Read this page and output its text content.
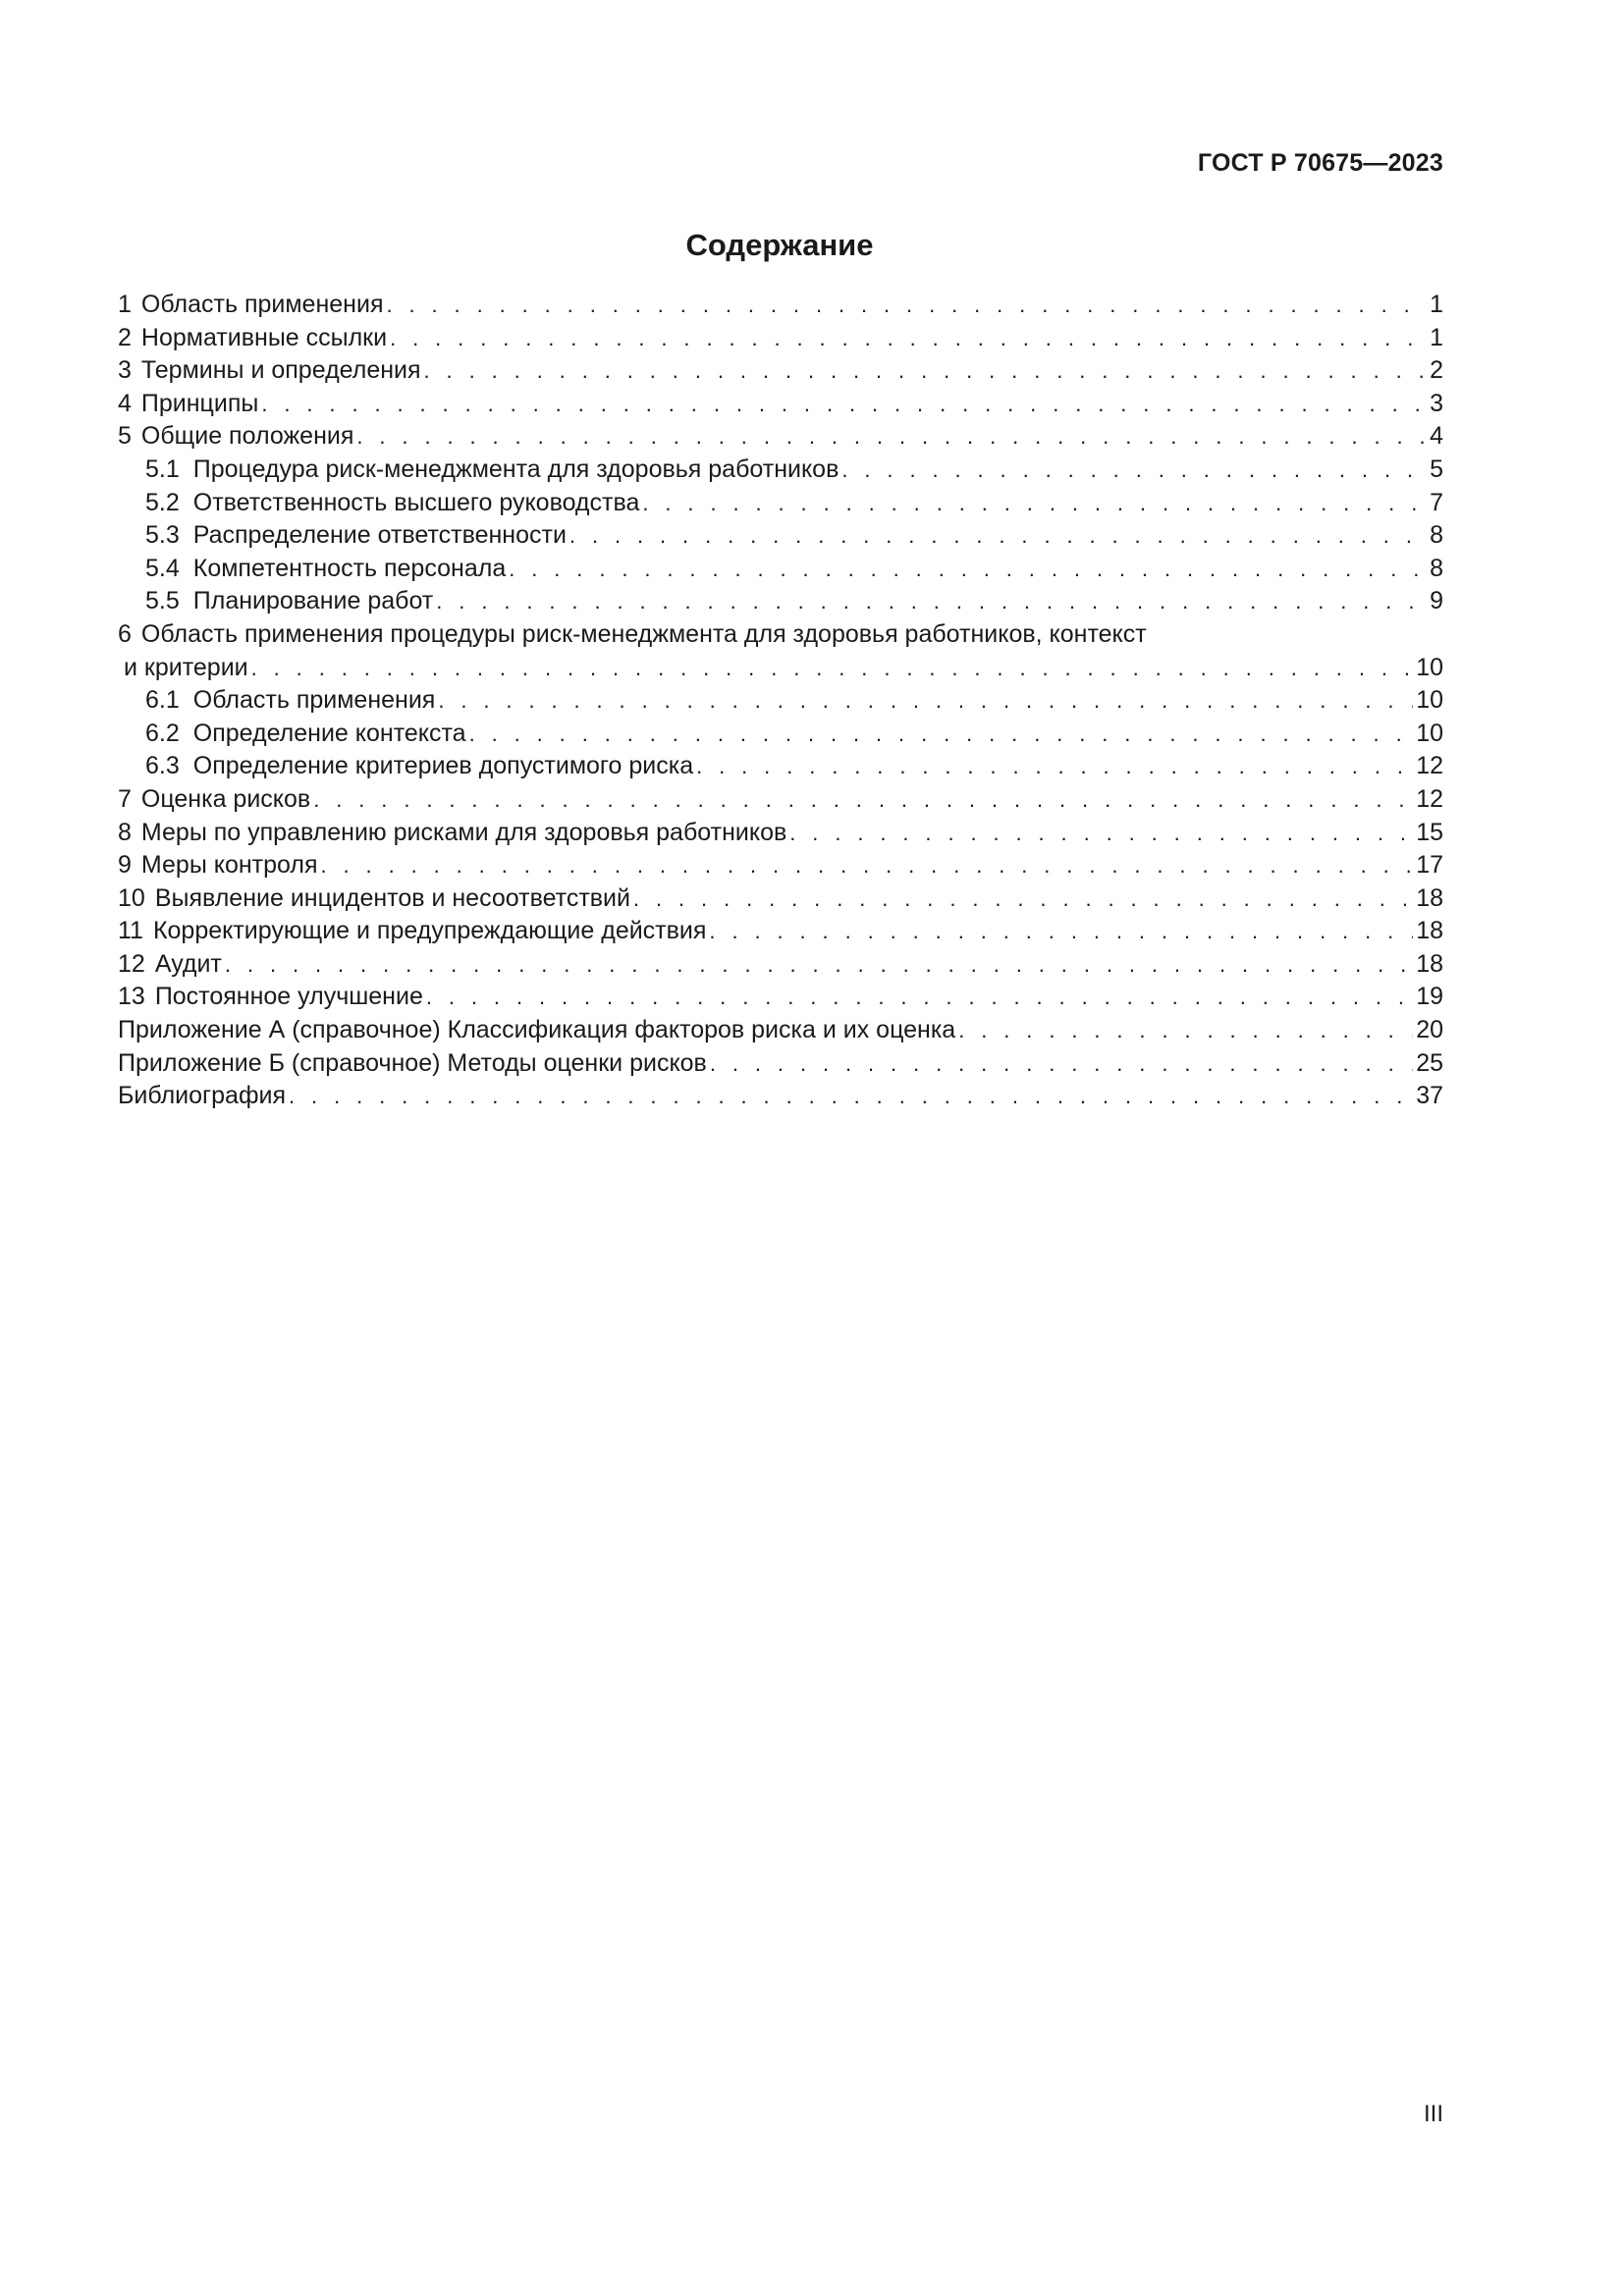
ГОСТ Р 70675—2023
Содержание
1 Область применения . . .	1
2 Нормативные ссылки . . .	1
3 Термины и определения . . .	2
4 Принципы . . .	3
5 Общие положения . . .	4
5.1 Процедура риск-менеджмента для здоровья работников . . .	5
5.2 Ответственность высшего руководства . . .	7
5.3 Распределение ответственности . . .	8
5.4 Компетентность персонала . . .	8
5.5 Планирование работ . . .	9
6 Область применения процедуры риск-менеджмента для здоровья работников, контекст
и критерии . . .	10
6.1 Область применения . . .	10
6.2 Определение контекста . . .	10
6.3 Определение критериев допустимого риска . . .	12
7 Оценка рисков . . .	12
8 Меры по управлению рисками для здоровья работников . . .	15
9 Меры контроля . . .	17
10 Выявление инцидентов и несоответствий . . .	18
11 Корректирующие и предупреждающие действия . . .	18
12 Аудит . . .	18
13 Постоянное улучшение . . .	19
Приложение А (справочное) Классификация факторов риска и их оценка . . .	20
Приложение Б (справочное) Методы оценки рисков . . .	25
Библиография . . .	37
III
